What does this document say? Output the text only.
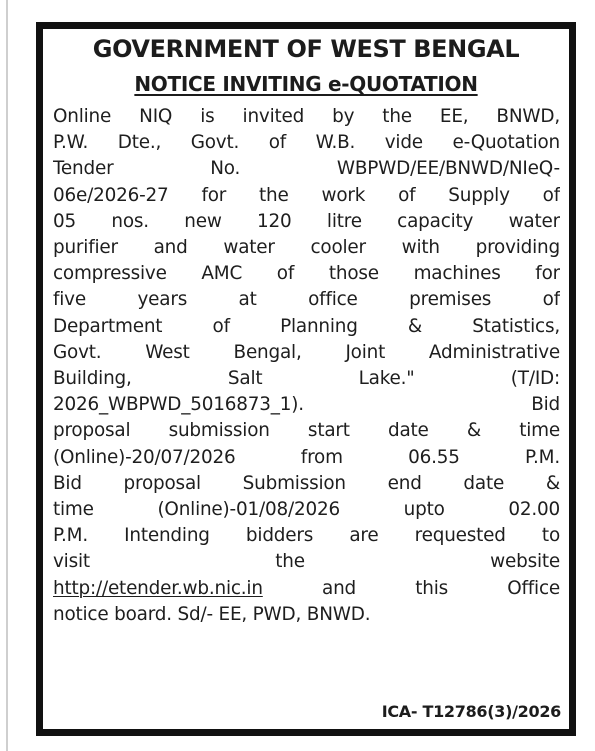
GOVERNMENT OF WEST BENGAL
NOTICE INVITING e-QUOTATION
Online NIQ is invited by the EE, BNWD,
P.W. Dte., Govt. of W.B. vide e-Quotation
Tender No. WBPWD/EE/BNWD/NIeQ-
06e/2026-27 for the work of Supply of
05 nos. new 120 litre capacity water
purifier and water cooler with providing
compressive AMC of those machines for
five years at office premises of
Department of Planning & Statistics,
Govt. West Bengal, Joint Administrative
Building, Salt Lake." (T/ID:
2026_WBPWD_5016873_1). Bid
proposal submission start date & time
(Online)-20/07/2026 from 06.55 P.M.
Bid proposal Submission end date &
time (Online)-01/08/2026 upto 02.00
P.M. Intending bidders are requested to
visit the website
http://etender.wb.nic.in and this Office
notice board. Sd/- EE, PWD, BNWD.

ICA- T12786(3)/2026
